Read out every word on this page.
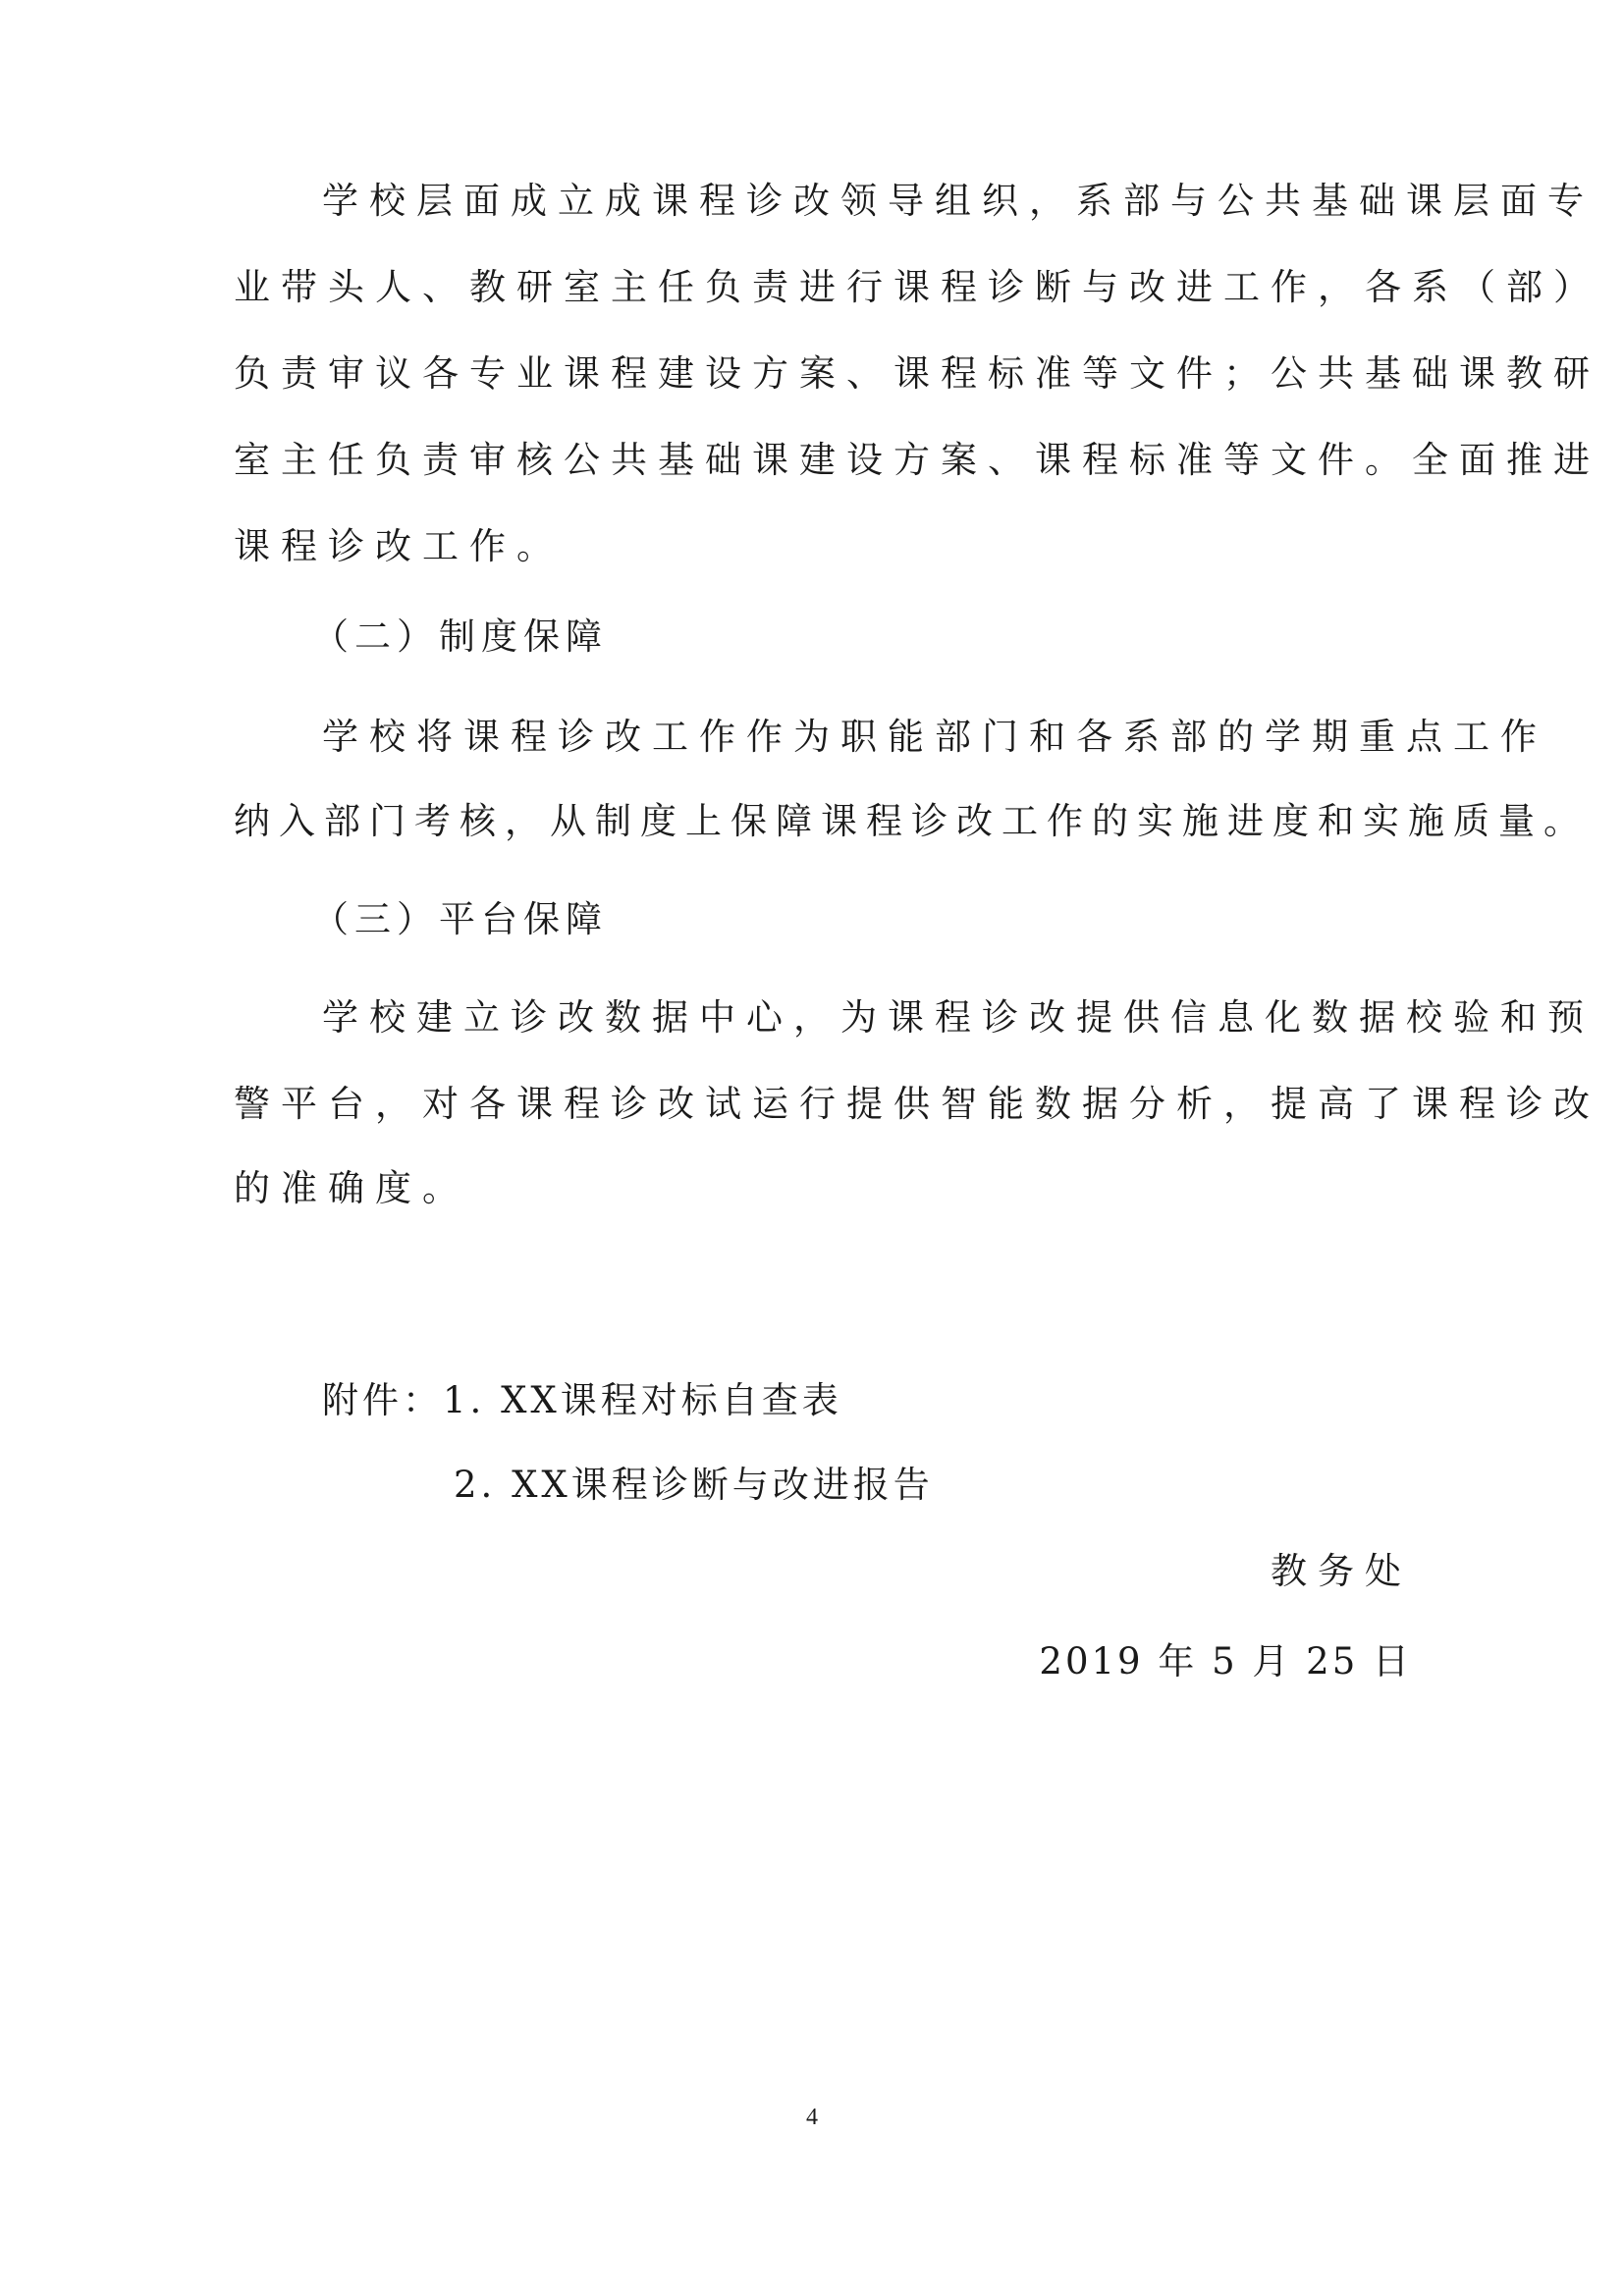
学校层面成立成课程诊改领导组织，系部与公共基础课层面专
业带头人、教研室主任负责进行课程诊断与改进工作，各系（部）
负责审议各专业课程建设方案、课程标准等文件；公共基础课教研
室主任负责审核公共基础课建设方案、课程标准等文件。全面推进
课程诊改工作。
（二）制度保障
学校将课程诊改工作作为职能部门和各系部的学期重点工作
纳入部门考核，从制度上保障课程诊改工作的实施进度和实施质量。
（三）平台保障
学校建立诊改数据中心，为课程诊改提供信息化数据校验和预
警平台，对各课程诊改试运行提供智能数据分析，提高了课程诊改
的准确度。
附件：1. XX课程对标自查表
2. XX课程诊断与改进报告
教务处
2019 年 5 月 25 日
4
